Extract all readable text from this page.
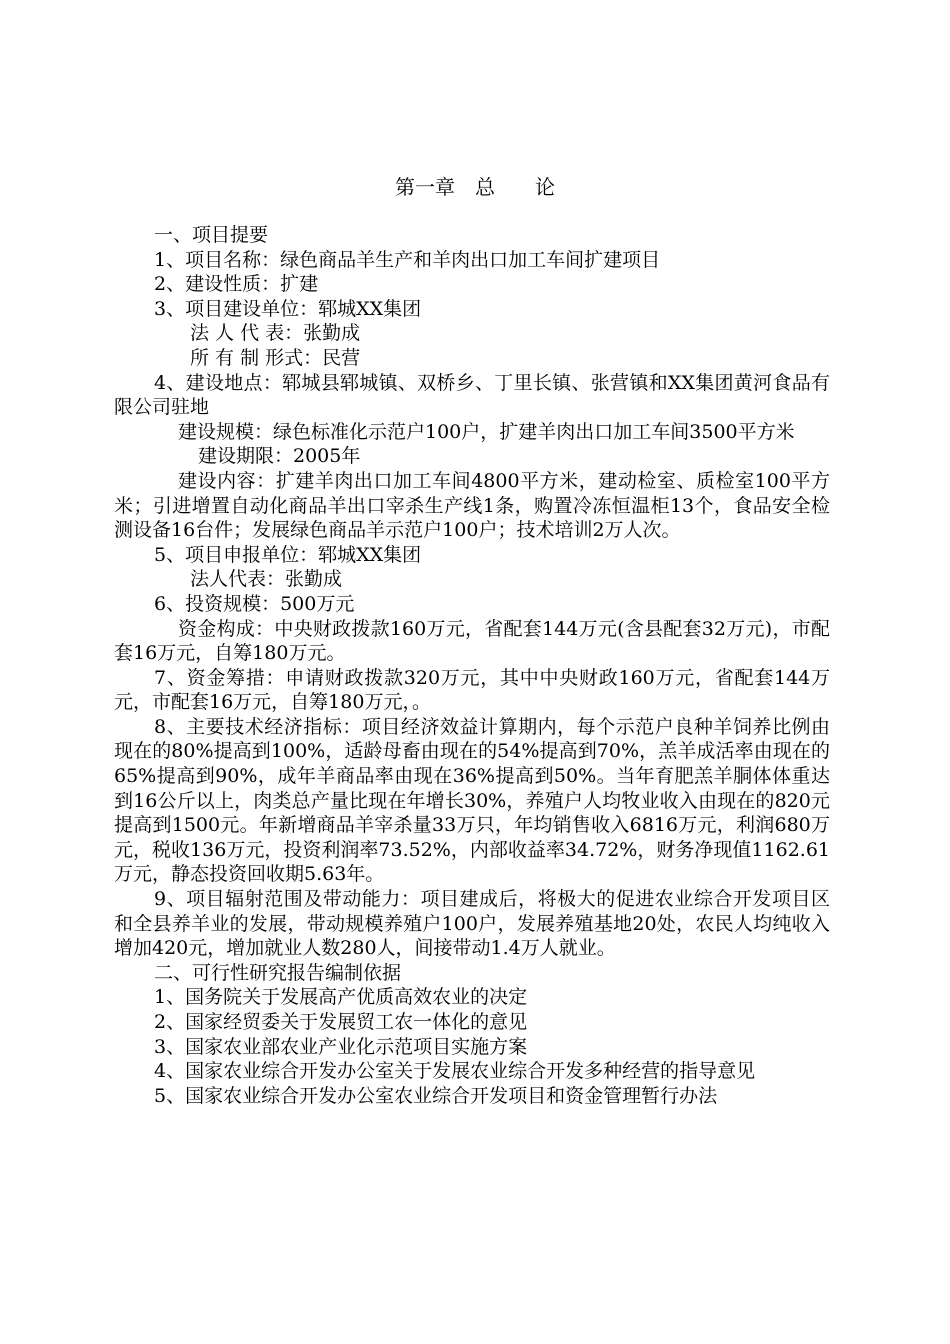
第一章　总　　论

一、项目提要

1、项目名称：绿色商品羊生产和羊肉出口加工车间扩建项目

2、建设性质：扩建

3、项目建设单位：郓城XX集团

法 人 代 表：张勤成

所 有 制 形式：民营

4、建设地点：郓城县郓城镇、双桥乡、丁里长镇、张营镇和XX集团黄河食品有限公司驻地

建设规模：绿色标准化示范户100户，扩建羊肉出口加工车间3500平方米

建设期限：2005年

建设内容：扩建羊肉出口加工车间4800平方米，建动检室、质检室100平方米；引进增置自动化商品羊出口宰杀生产线1条，购置冷冻恒温柜13个，食品安全检测设备16台件；发展绿色商品羊示范户100户；技术培训2万人次。

5、项目申报单位：郓城XX集团

法人代表：张勤成

6、投资规模：500万元

资金构成：中央财政拨款160万元，省配套144万元(含县配套32万元)，市配套16万元，自筹180万元。

7、资金筹措：申请财政拨款320万元，其中中央财政160万元，省配套144万元，市配套16万元，自筹180万元，。

8、主要技术经济指标：项目经济效益计算期内，每个示范户良种羊饲养比例由现在的80%提高到100%，适龄母畜由现在的54%提高到70%，羔羊成活率由现在的65%提高到90%，成年羊商品率由现在36%提高到50%。当年育肥羔羊胴体体重达到16公斤以上，肉类总产量比现在年增长30%，养殖户人均牧业收入由现在的820元提高到1500元。年新增商品羊宰杀量33万只，年均销售收入6816万元，利润680万元，税收136万元，投资利润率73.52%，内部收益率34.72%，财务净现值1162.61万元，静态投资回收期5.63年。

9、项目辐射范围及带动能力：项目建成后，将极大的促进农业综合开发项目区和全县养羊业的发展，带动规模养殖户100户，发展养殖基地20处，农民人均纯收入增加420元，增加就业人数280人，间接带动1.4万人就业。

二、可行性研究报告编制依据

1、国务院关于发展高产优质高效农业的决定

2、国家经贸委关于发展贸工农一体化的意见

3、国家农业部农业产业化示范项目实施方案

4、国家农业综合开发办公室关于发展农业综合开发多种经营的指导意见

5、国家农业综合开发办公室农业综合开发项目和资金管理暂行办法
